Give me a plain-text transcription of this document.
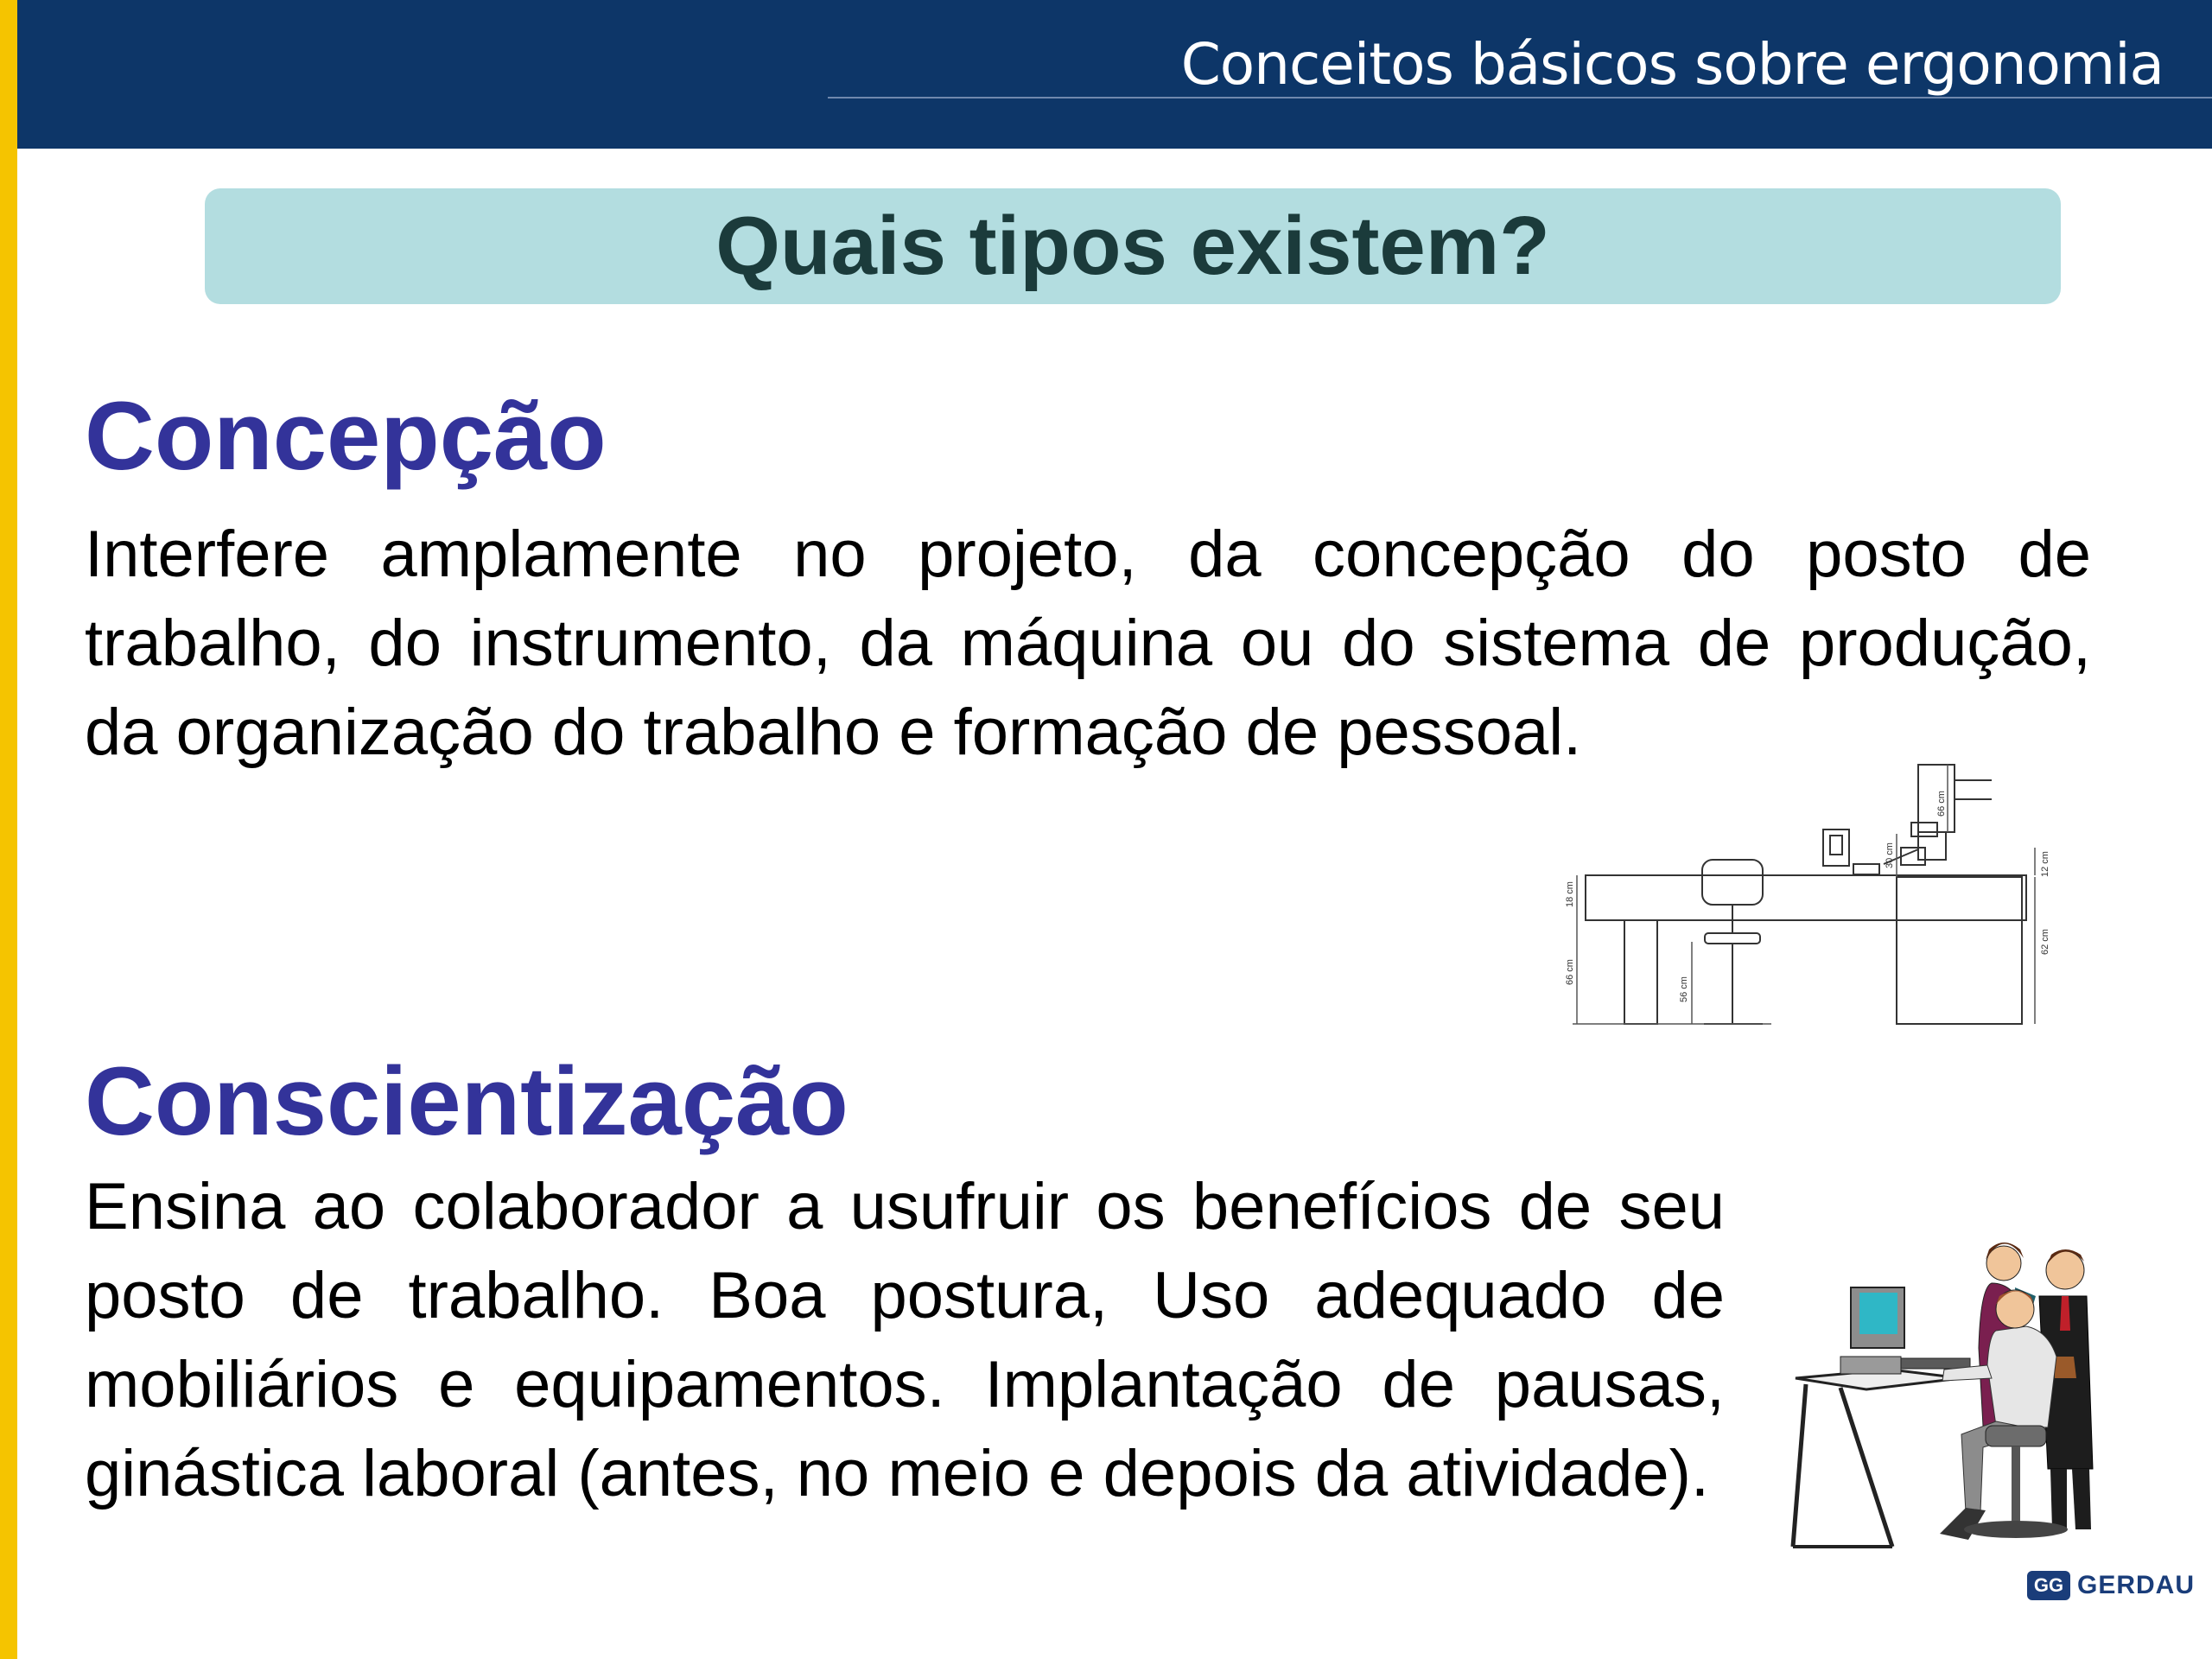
Conceitos básicos sobre ergonomia
Quais tipos existem?
Concepção
Interfere amplamente no projeto, da concepção do posto de trabalho, do instrumento, da máquina ou do sistema de produção, da organização do trabalho e formação de pessoal.
18 cm
66 cm
56 cm
30 cm
66 cm
12 cm
62 cm
Conscientização
Ensina ao colaborador a usufruir os benefícios de seu posto de trabalho. Boa postura, Uso adequado de mobiliários e equipamentos. Implantação de pausas, ginástica laboral (antes, no meio e depois da atividade).
GG GERDAU
